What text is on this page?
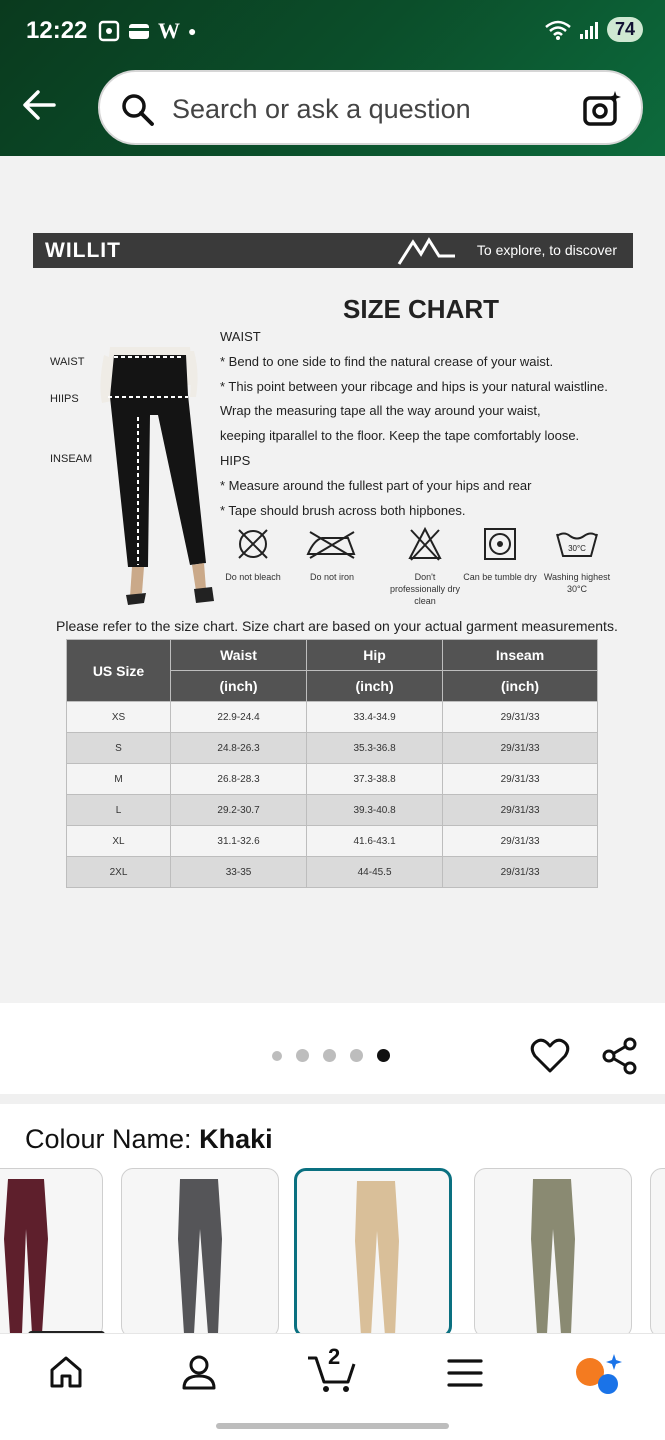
12:22	W ●	74
Search or ask a question
WILLIT	To explore, to discover
SIZE CHART
WAIST
HIIPS
INSEAM
WAIST
* Bend to one side to find the natural crease of your waist.
* This point between your ribcage and hips is your natural waistline.
Wrap the measuring tape all the way around your waist,
keeping itparallel to the floor. Keep the tape comfortably loose.
HIPS
* Measure around the fullest part of your hips and rear
* Tape should brush across both hipbones.
Do not bleach	Do not iron	Don't professionally dry clean
Can be tumble dry
30°C
Washing highest 30°C
Please refer to the size chart. Size chart are based on your actual garment measurements.
US Size	Waist	Hip	Inseam
	(inch)	(inch)	(inch)
XS	22.9-24.4	33.4-34.9	29/31/33
S	24.8-26.3	35.3-36.8	29/31/33
M	26.8-28.3	37.3-38.8	29/31/33
L	29.2-30.7	39.3-40.8	29/31/33
XL	31.1-32.6	41.6-43.1	29/31/33
2XL	33-35	44-45.5	29/31/33
Colour Name: Khaki
2
